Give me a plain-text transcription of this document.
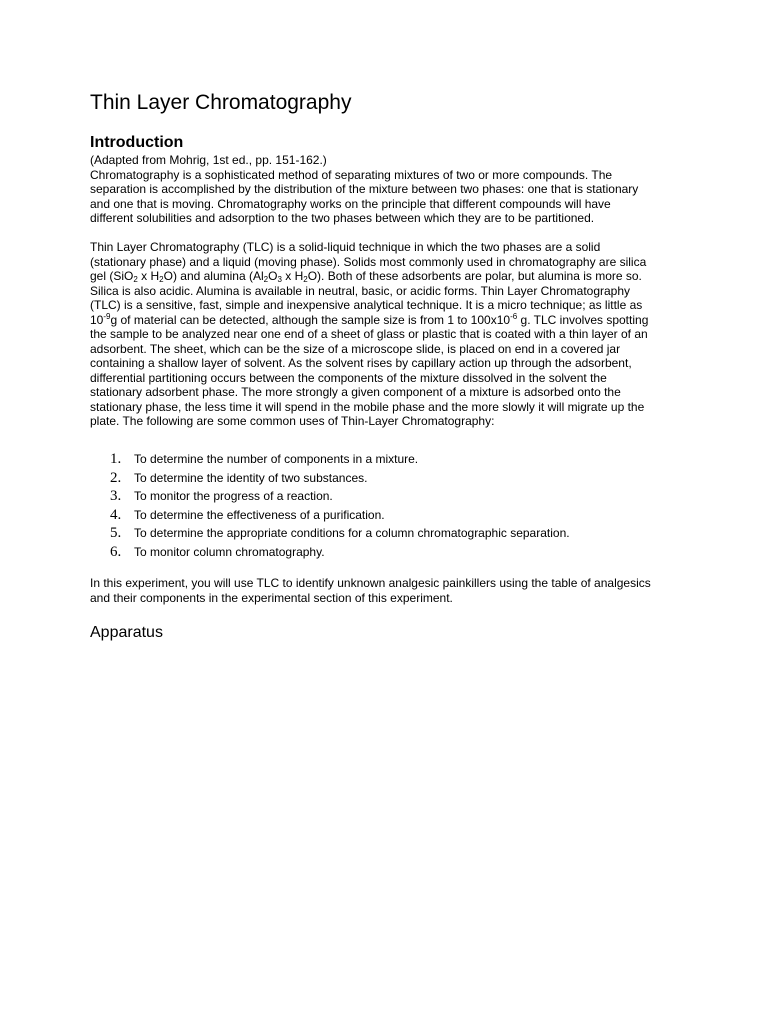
Thin Layer Chromatography
Introduction
(Adapted from Mohrig, 1st ed., pp. 151-162.)
Chromatography is a sophisticated method of separating mixtures of two or more compounds. The
separation is accomplished by the distribution of the mixture between two phases: one that is stationary
and one that is moving. Chromatography works on the principle that different compounds will have
different solubilities and adsorption to the two phases between which they are to be partitioned.
Thin Layer Chromatography (TLC) is a solid-liquid technique in which the two phases are a solid
(stationary phase) and a liquid (moving phase). Solids most commonly used in chromatography are silica
gel (SiO$_2$ x $H_2O$) and alumina ($Al_2O_3$ x $H_2O$). Both of these adsorbents are polar, but alumina is more so.
Silica is also acidic. Alumina is available in neutral, basic, or acidic forms. Thin Layer Chromatography
(TLC) is a sensitive, fast, simple and inexpensive analytical technique. It is a micro technique; as little as
$10^{-9}g$ of material can be detected, although the sample size is from 1 to $100x10^{-6}$ g. TLC involves spotting
the sample to be analyzed near one end of a sheet of glass or plastic that is coated with a thin layer of an
adsorbent. The sheet, which can be the size of a microscope slide, is placed on end in a covered jar
containing a shallow layer of solvent. As the solvent rises by capillary action up through the adsorbent,
differential partitioning occurs between the components of the mixture dissolved in the solvent the
stationary adsorbent phase. The more strongly a given component of a mixture is adsorbed onto the
stationary phase, the less time it will spend in the mobile phase and the more slowly it will migrate up the
plate. The following are some common uses of Thin-Layer Chromatography:
1. To determine the number of components in a mixture.
2. To determine the identity of two substances.
3. To monitor the progress of a reaction.
4. To determine the effectiveness of a purification.
5. To determine the appropriate conditions for a column chromatographic separation.
6. To monitor column chromatography.
In this experiment, you will use TLC to identify unknown analgesic painkillers using the table of analgesics
and their components in the experimental section of this experiment.
Apparatus
